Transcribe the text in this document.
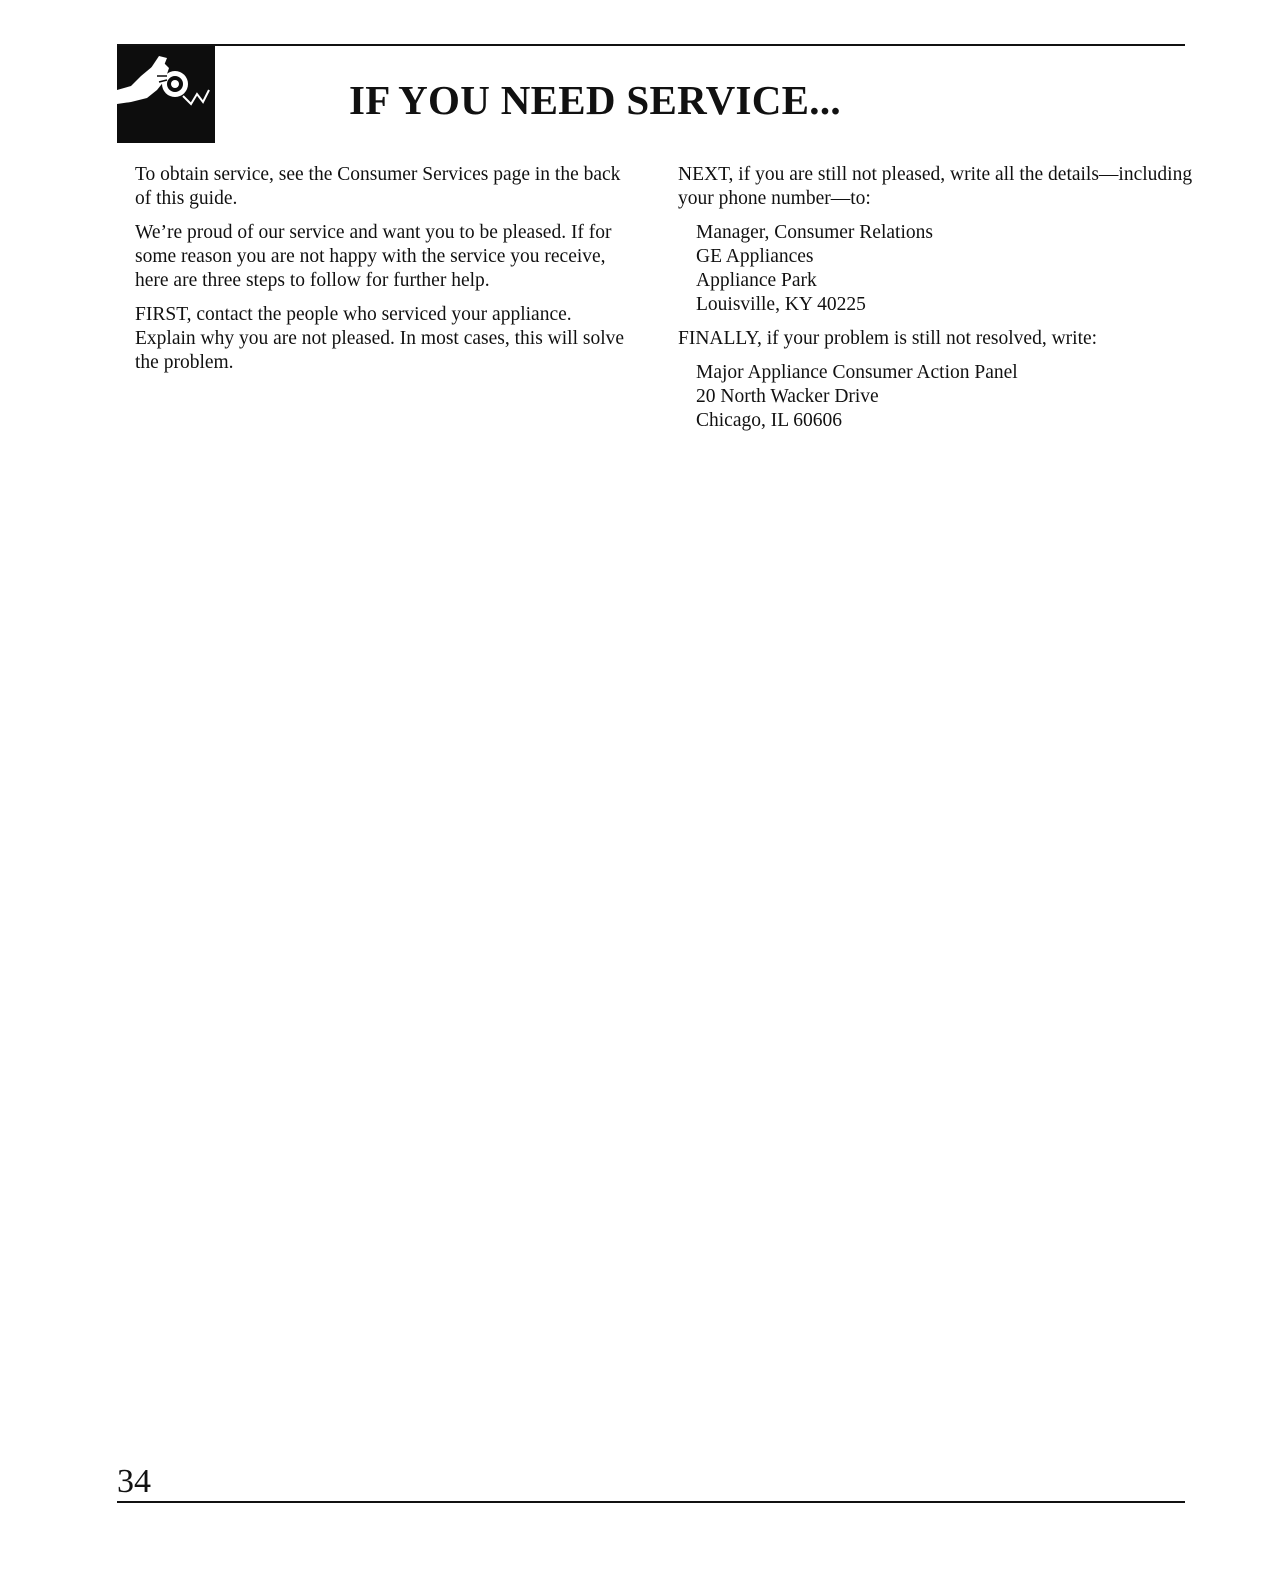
IF YOU NEED SERVICE...

To obtain service, see the Consumer Services page in the back of this guide.

We’re proud of our service and want you to be pleased. If for some reason you are not happy with the service you receive, here are three steps to follow for further help.

FIRST, contact the people who serviced your appliance. Explain why you are not pleased. In most cases, this will solve the problem.

NEXT, if you are still not pleased, write all the details—including your phone number—to:

Manager, Consumer Relations
GE Appliances
Appliance Park
Louisville, KY 40225

FINALLY, if your problem is still not resolved, write:

Major Appliance Consumer Action Panel
20 North Wacker Drive
Chicago, IL 60606
34
